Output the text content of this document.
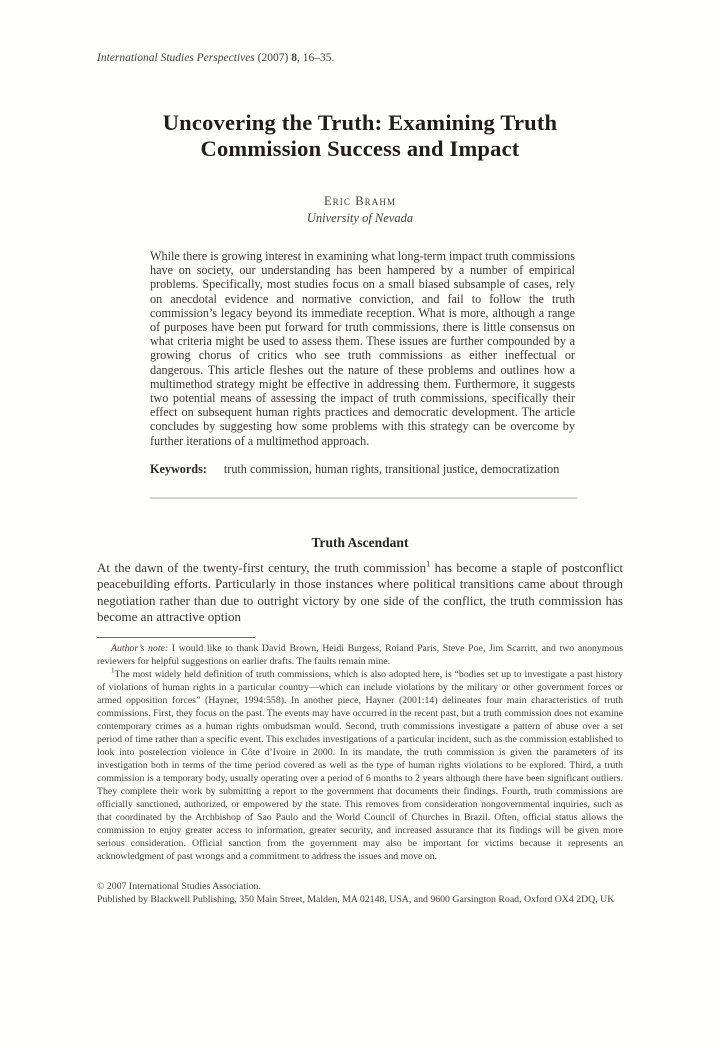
International Studies Perspectives (2007) 8, 16–35.
Uncovering the Truth: Examining Truth
Commission Success and Impact
Eric Brahm
University of Nevada
While there is growing interest in examining what long-term impact truth commissions have on society, our understanding has been hampered by a number of empirical problems. Specifically, most studies focus on a small biased subsample of cases, rely on anecdotal evidence and normative conviction, and fail to follow the truth commission’s legacy beyond its immediate reception. What is more, although a range of purposes have been put forward for truth commissions, there is little consensus on what criteria might be used to assess them. These issues are further compounded by a growing chorus of critics who see truth commissions as either ineffectual or dangerous. This article fleshes out the nature of these problems and outlines how a multimethod strategy might be effective in addressing them. Furthermore, it suggests two potential means of assessing the impact of truth commissions, specifically their effect on subsequent human rights practices and democratic development. The article concludes by suggesting how some problems with this strategy can be overcome by further iterations of a multimethod approach.
Keywords: truth commission, human rights, transitional justice, democratization
Truth Ascendant

At the dawn of the twenty-first century, the truth commission$^1$ has become a staple of postconflict peacebuilding efforts. Particularly in those instances where political transitions came about through negotiation rather than due to outright victory by one side of the conflict, the truth commission has become an attractive option

Author’s note: I would like to thank David Brown, Heidi Burgess, Roland Paris, Steve Poe, Jim Scarritt, and two anonymous reviewers for helpful suggestions on earlier drafts. The faults remain mine.

$^1$The most widely held definition of truth commissions, which is also adopted here, is “bodies set up to investigate a past history of violations of human rights in a particular country—which can include violations by the military or other government forces or armed opposition forces” (Hayner, 1994:558). In another piece, Hayner (2001:14) delineates four main characteristics of truth commissions. First, they focus on the past. The events may have occurred in the recent past, but a truth commission does not examine contemporary crimes as a human rights ombudsman would. Second, truth commissions investigate a pattern of abuse over a set period of time rather than a specific event. This excludes investigations of a particular incident, such as the commission established to look into postelection violence in Côte d’Ivoire in 2000. In its mandate, the truth commission is given the parameters of its investigation both in terms of the time period covered as well as the type of human rights violations to be explored. Third, a truth commission is a temporary body, usually operating over a period of 6 months to 2 years although there have been significant outliers. They complete their work by submitting a report to the government that documents their findings. Fourth, truth commissions are officially sanctioned, authorized, or empowered by the state. This removes from consideration nongovernmental inquiries, such as that coordinated by the Archbishop of Sao Paulo and the World Council of Churches in Brazil. Often, official status allows the commission to enjoy greater access to information, greater security, and increased assurance that its findings will be given more serious consideration. Official sanction from the government may also be important for victims because it represents an acknowledgment of past wrongs and a commitment to address the issues and move on.

© 2007 International Studies Association.
Published by Blackwell Publishing, 350 Main Street, Malden, MA 02148, USA, and 9600 Garsington Road, Oxford OX4 2DQ, UK
